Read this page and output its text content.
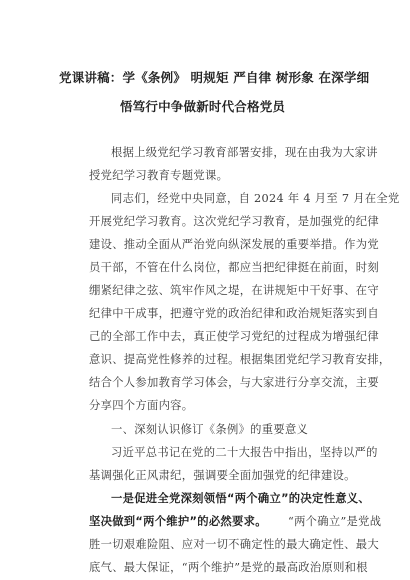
党课讲稿：学《条例》 明规矩 严自律 树形象 在深学细
悟笃行中争做新时代合格党员
根据上级党纪学习教育部署安排，现在由我为大家讲
授党纪学习教育专题党课。
同志们，经党中央同意，自 2024 年 4 月至 7 月在全党
开展党纪学习教育。这次党纪学习教育，是加强党的纪律
建设、推动全面从严治党向纵深发展的重要举措。作为党
员干部，不管在什么岗位，都应当把纪律挺在前面，时刻
绷紧纪律之弦、筑牢作风之堤，在讲规矩中干好事、在守
纪律中干成事，把遵守党的政治纪律和政治规矩落实到自
己的全部工作中去，真正使学习党纪的过程成为增强纪律
意识、提高党性修养的过程。根据集团党纪学习教育安排，
结合个人参加教育学习体会，与大家进行分享交流，主要
分享四个方面内容。
一、深刻认识修订《条例》的重要意义
习近平总书记在党的二十大报告中指出，坚持以严的
基调强化正风肃纪，强调要全面加强党的纪律建设。
一是促进全党深刻领悟“两个确立”的决定性意义、
坚决做到“两个维护”的必然要求。 “两个确立”是党战
胜一切艰难险阻、应对一切不确定性的最大确定性、最大
底气、最大保证，“两个维护”是党的最高政治原则和根
